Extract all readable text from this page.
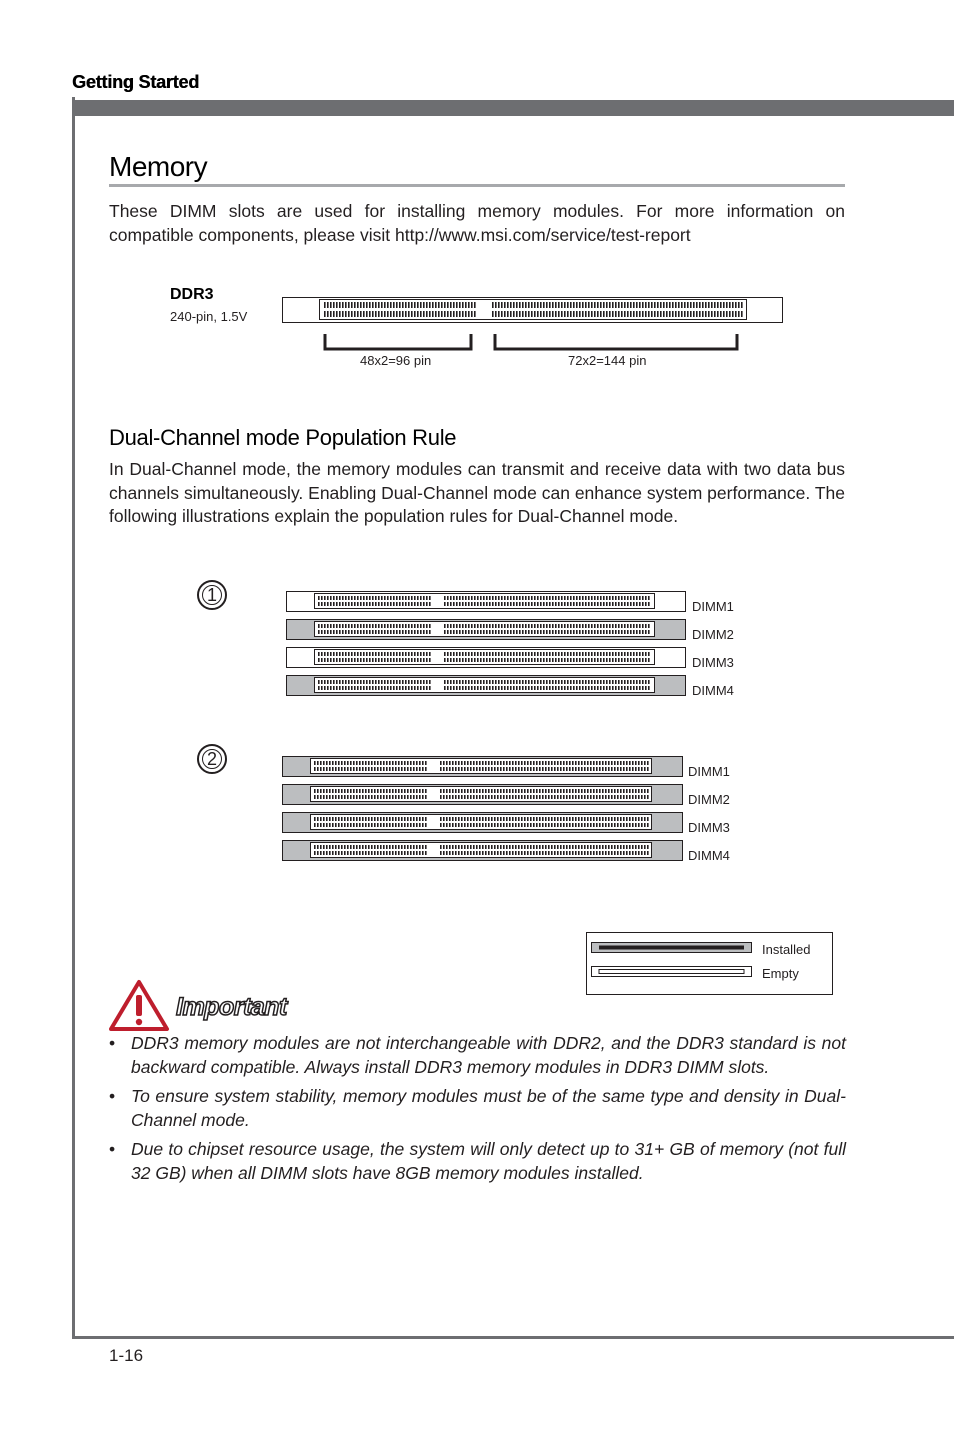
Getting Started
Memory
These DIMM slots are used for installing memory modules. For more information on compatible components, please visit http://www.msi.com/service/test-report
DDR3
240-pin, 1.5V
48x2=96 pin	72x2=144 pin
Dual-Channel mode Population Rule
In Dual-Channel mode, the memory modules can transmit and receive data with two data bus channels simultaneously. Enabling Dual-Channel mode can enhance system performance. The following illustrations explain the population rules for Dual-Channel mode.
1
DIMM1
DIMM2
DIMM3
DIMM4
2
DIMM1
DIMM2
DIMM3
DIMM4
Installed
Empty
Important
• DDR3 memory modules are not interchangeable with DDR2, and the DDR3 standard is not backward compatible. Always install DDR3 memory modules in DDR3 DIMM slots.
• To ensure system stability, memory modules must be of the same type and density in Dual-Channel mode.
• Due to chipset resource usage, the system will only detect up to 31+ GB of memory (not full 32 GB) when all DIMM slots have 8GB memory modules installed.
1-16
